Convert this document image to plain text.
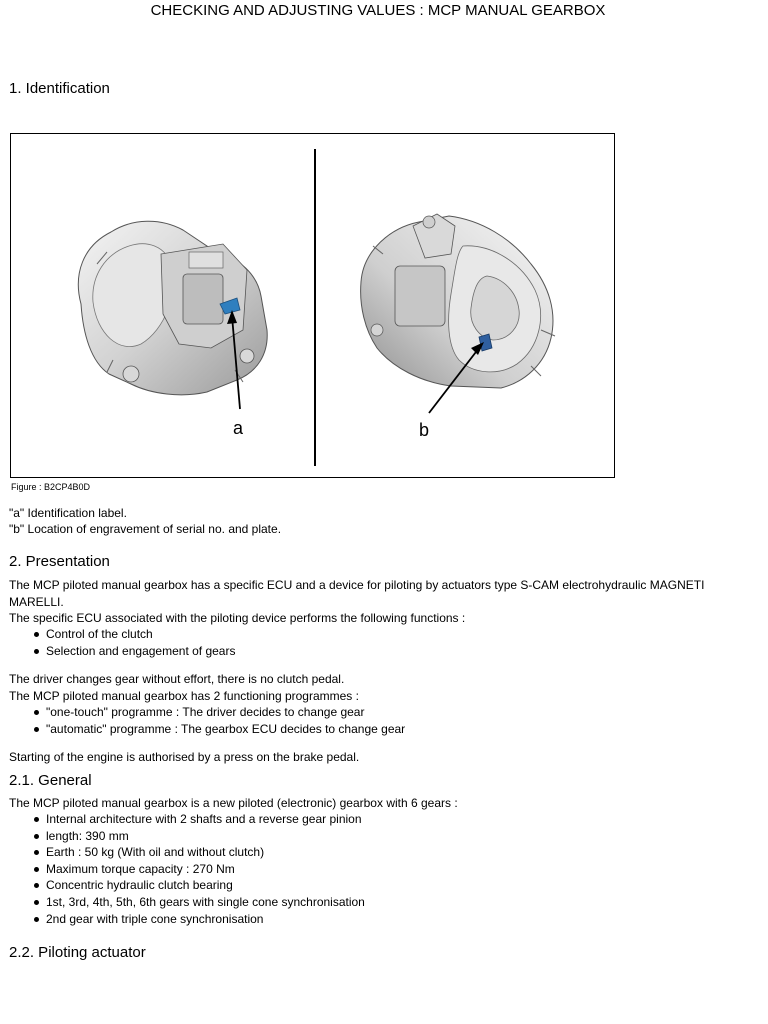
CHECKING AND ADJUSTING VALUES : MCP MANUAL GEARBOX
1. Identification
a	b
Figure : B2CP4B0D
"a" Identification label.
"b" Location of engravement of serial no. and plate.
2. Presentation
The MCP piloted manual gearbox has a specific ECU and a device for piloting by actuators type S-CAM electrohydraulic MAGNETI MARELLI.
The specific ECU associated with the piloting device performs the following functions :
Control of the clutch
Selection and engagement of gears
The driver changes gear without effort, there is no clutch pedal.
The MCP piloted manual gearbox has 2 functioning programmes :
"one-touch" programme : The driver decides to change gear
"automatic" programme : The gearbox ECU decides to change gear
Starting of the engine is authorised by a press on the brake pedal.
2.1. General
The MCP piloted manual gearbox is a new piloted (electronic) gearbox with 6 gears :
Internal architecture with 2 shafts and a reverse gear pinion
length: 390 mm
Earth : 50 kg (With oil and without clutch)
Maximum torque capacity : 270 Nm
Concentric hydraulic clutch bearing
1st, 3rd, 4th, 5th, 6th gears with single cone synchronisation
2nd gear with triple cone synchronisation
2.2. Piloting actuator
